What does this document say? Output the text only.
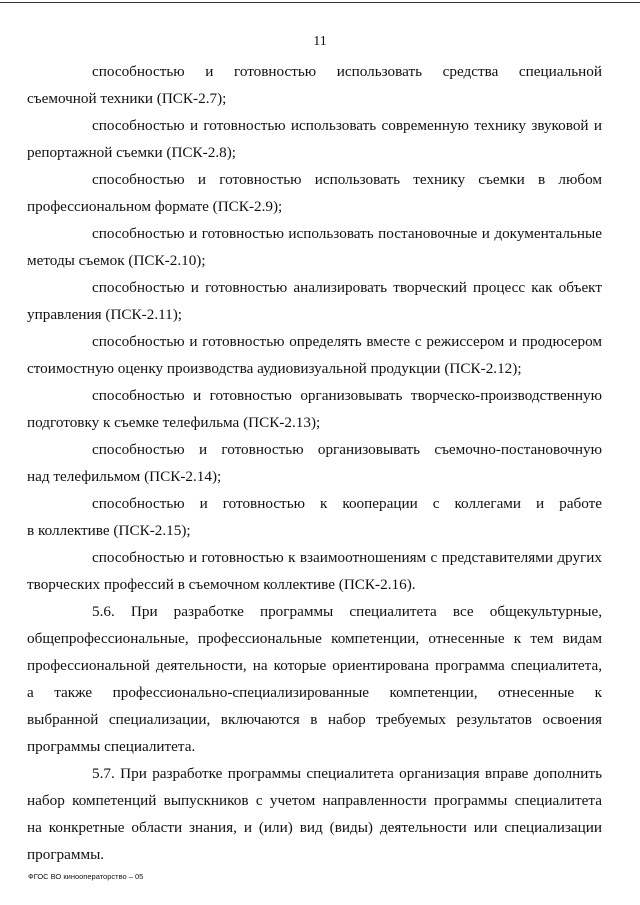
11
способностью и готовностью использовать средства специальной
съемочной техники (ПСК-2.7);
способностью и готовностью использовать современную технику звуковой и
репортажной съемки (ПСК-2.8);
способностью и готовностью использовать технику съемки в любом
профессиональном формате (ПСК-2.9);
способностью и готовностью использовать постановочные и документальные
методы съемок (ПСК-2.10);
способностью и готовностью анализировать творческий процесс как объект
управления (ПСК-2.11);
способностью и готовностью определять вместе с режиссером и продюсером
стоимостную оценку производства аудиовизуальной продукции (ПСК-2.12);
способностью и готовностью организовывать творческо-производственную
подготовку к съемке телефильма (ПСК-2.13);
способностью и готовностью организовывать съемочно-постановочную
над телефильмом (ПСК-2.14);
способностью и готовностью к кооперации с коллегами и работе
в коллективе (ПСК-2.15);
способностью и готовностью к взаимоотношениям с представителями других
творческих профессий в съемочном коллективе (ПСК-2.16).
5.6. При разработке программы специалитета все общекультурные,
общепрофессиональные, профессиональные компетенции, отнесенные к тем видам
профессиональной деятельности, на которые ориентирована программа специалитета,
а также профессионально-специализированные компетенции, отнесенные к
выбранной специализации, включаются в набор требуемых результатов освоения
программы специалитета.
5.7. При разработке программы специалитета организация вправе дополнить
набор компетенций выпускников с учетом направленности программы специалитета
на конкретные области знания, и (или) вид (виды) деятельности или специализации
программы.
ФГОС ВО кинооператорство – 05
